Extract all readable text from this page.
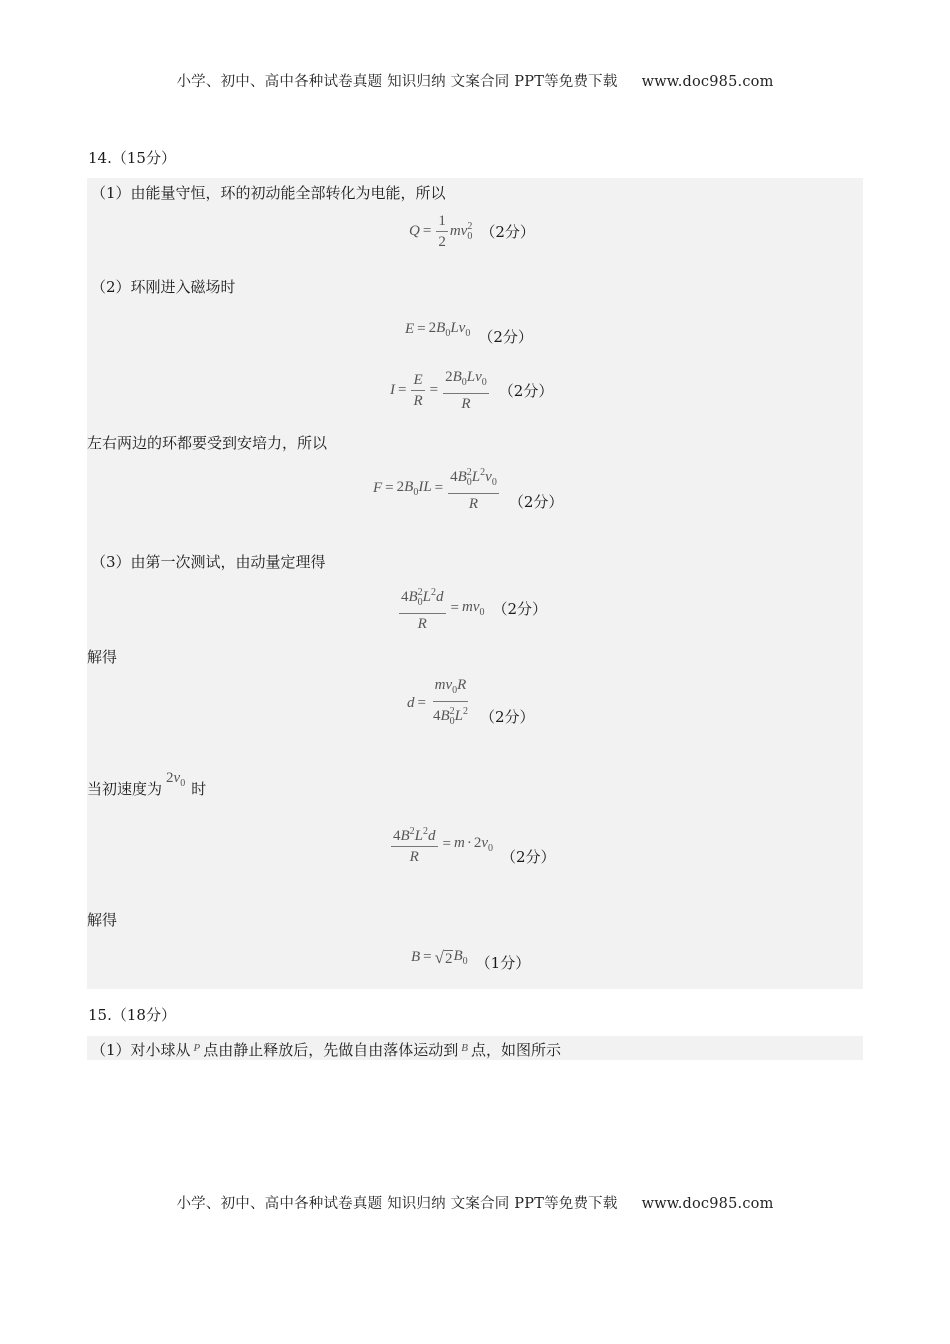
小学、初中、高中各种试卷真题 知识归纳 文案合同 PPT等免费下载 www.doc985.com
14.（15分）
（1）由能量守恒，环的初动能全部转化为电能，所以
$Q = \frac{1}{2} mv_0^2$ （2分）
（2）环刚进入磁场时
$E = 2B_0Lv_0$ （2分）
$I = \frac{E}{R} = \frac{2B_0Lv_0}{R} (2$分）
左右两边的环都要受到安培力，所以
$F = 2B_0IL = \frac{4B_0^2L^2v_0}{R} (2$分）
（3）由第一次测试，由动量定理得
$\frac{4B_0^2L^2d}{R} = mv_0$ （2分）
解得
$d = \frac{mv_0R}{4B_0^2L^2} (2$分）
当初速度为$2v_0$ 时
$\frac{4B^2L^2d}{R} = m \cdot 2v_0$ （2分）
解得
B = √ 2 $B_0$ （1分）
15.（18分）
（1）对小球从 P 点由静止释放后，先做自由落体运动到 B 点，如图所示
小学、初中、高中各种试卷真题 知识归纳 文案合同 PPT等免费下载 www.doc985.com
